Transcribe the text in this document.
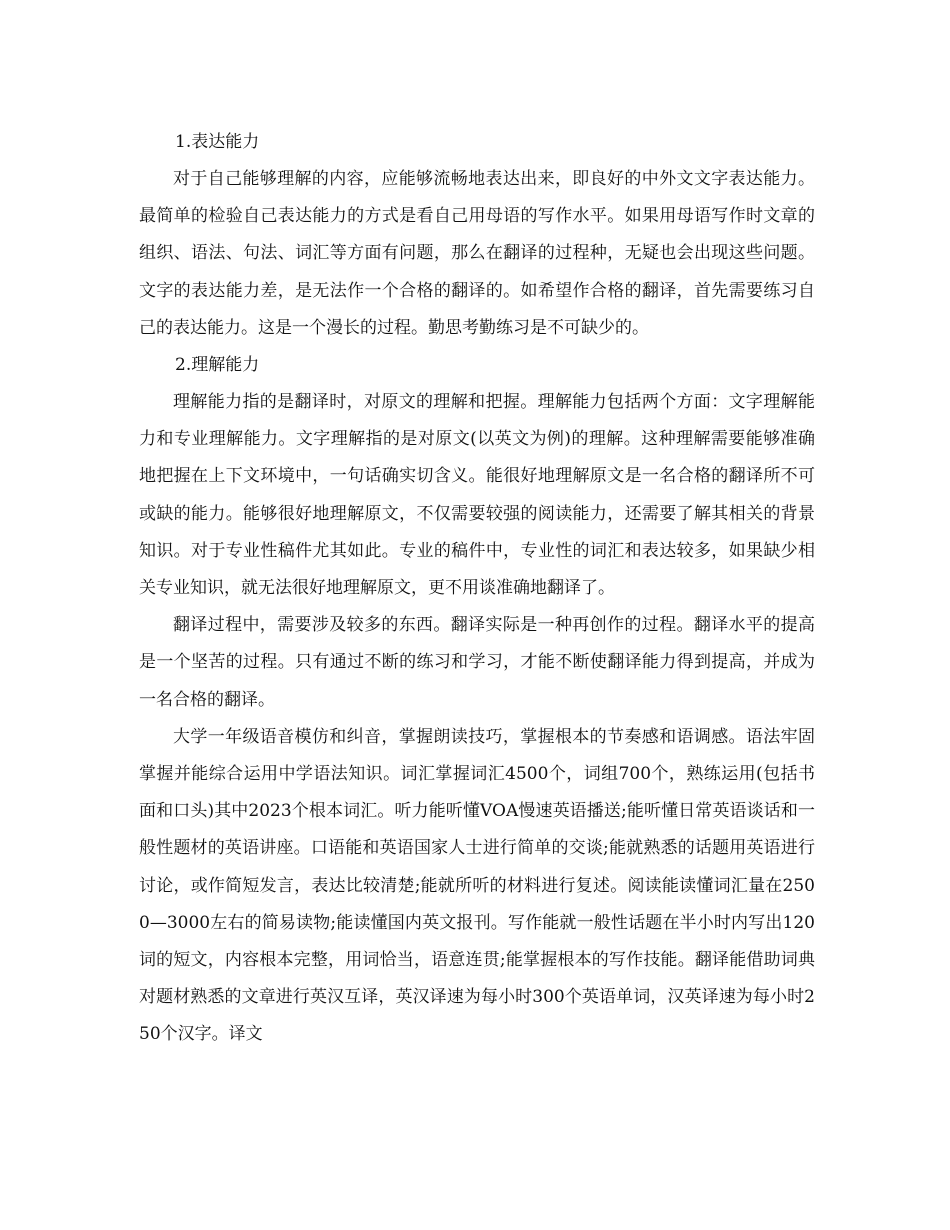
1.表达能力

对于自己能够理解的内容，应能够流畅地表达出来，即良好的中外文文字表达能力。最简单的检验自己表达能力的方式是看自己用母语的写作水平。如果用母语写作时文章的组织、语法、句法、词汇等方面有问题，那么在翻译的过程种，无疑也会出现这些问题。文字的表达能力差，是无法作一个合格的翻译的。如希望作合格的翻译，首先需要练习自己的表达能力。这是一个漫长的过程。勤思考勤练习是不可缺少的。

2.理解能力

理解能力指的是翻译时，对原文的理解和把握。理解能力包括两个方面：文字理解能力和专业理解能力。文字理解指的是对原文(以英文为例)的理解。这种理解需要能够准确地把握在上下文环境中，一句话确实切含义。能很好地理解原文是一名合格的翻译所不可或缺的能力。能够很好地理解原文，不仅需要较强的阅读能力，还需要了解其相关的背景知识。对于专业性稿件尤其如此。专业的稿件中，专业性的词汇和表达较多，如果缺少相关专业知识，就无法很好地理解原文，更不用谈准确地翻译了。

翻译过程中，需要涉及较多的东西。翻译实际是一种再创作的过程。翻译水平的提高是一个坚苦的过程。只有通过不断的练习和学习，才能不断使翻译能力得到提高，并成为一名合格的翻译。

大学一年级语音模仿和纠音，掌握朗读技巧，掌握根本的节奏感和语调感。语法牢固掌握并能综合运用中学语法知识。词汇掌握词汇4500个，词组700个，熟练运用(包括书面和口头)其中2023个根本词汇。听力能听懂VOA慢速英语播送;能听懂日常英语谈话和一般性题材的英语讲座。口语能和英语国家人士进行简单的交谈;能就熟悉的话题用英语进行讨论，或作简短发言，表达比较清楚;能就所听的材料进行复述。阅读能读懂词汇量在2500—3000左右的简易读物;能读懂国内英文报刊。写作能就一般性话题在半小时内写出120词的短文，内容根本完整，用词恰当，语意连贯;能掌握根本的写作技能。翻译能借助词典对题材熟悉的文章进行英汉互译，英汉译速为每小时300个英语单词，汉英译速为每小时250个汉字。译文
